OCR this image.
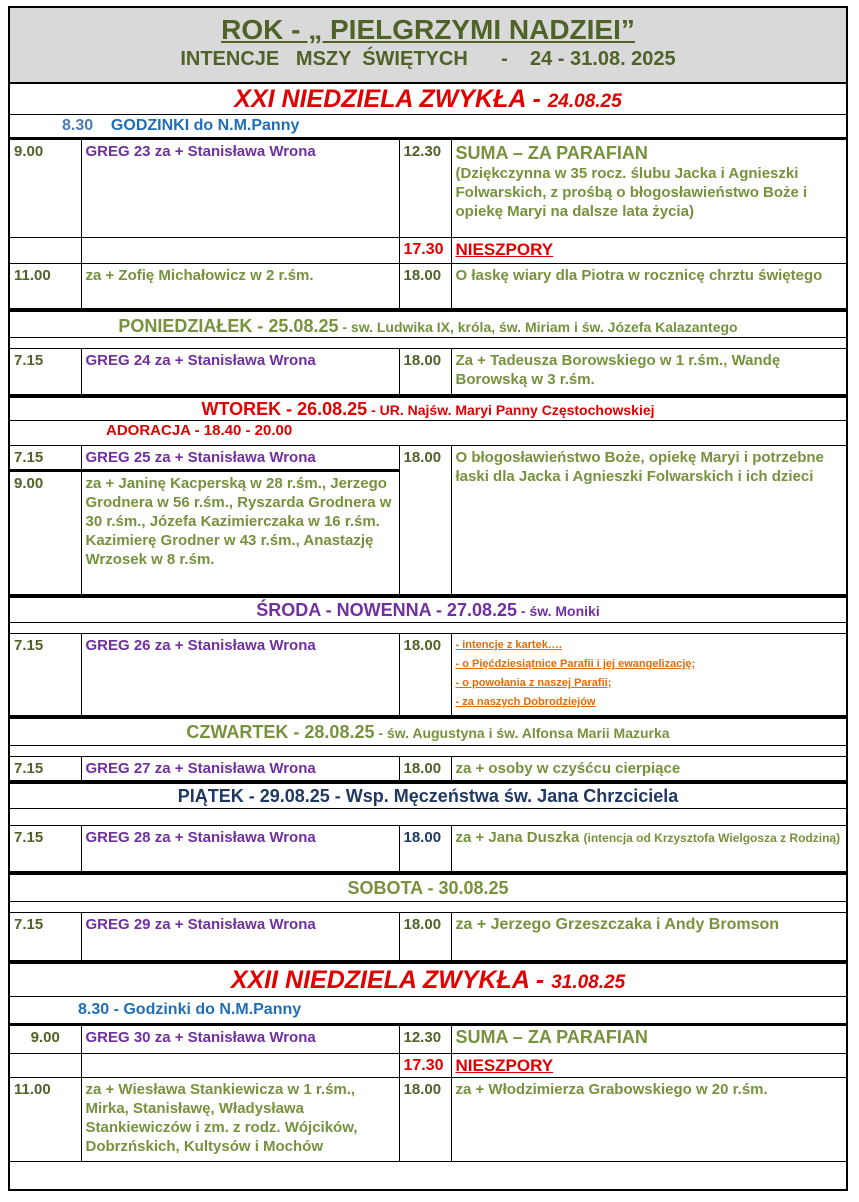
ROK - „ PIELGRZYMI NADZIEI”
INTENCJE   MSZY  ŚWIĘTYCH      -    24 - 31.08. 2025
XXI NIEDZIELA ZWYKŁA - 24.08.25
8.30 GODZINKI do N.M.Panny
9.00	GREG 23 za + Stanisława Wrona	12.30	SUMA – ZA PARAFIAN
(Dziękczynna w 35 rocz. ślubu Jacka i Agnieszki Folwarskich, z prośbą o błogosławieństwo Boże i opiekę Maryi na dalsze lata życia)

		17.30	NIESZPORY
11.00	za + Zofię Michałowicz w 2 r.śm.	18.00	O łaskę wiary dla Piotra w rocznicę chrztu świętego
PONIEDZIAŁEK - 25.08.25 - sw. Ludwika IX, króla, św. Miriam i św. Józefa Kalazantego
7.15	GREG 24 za + Stanisława Wrona	18.00	Za + Tadeusza Borowskiego w 1 r.śm., Wandę Borowską w 3 r.śm.
WTOREK - 26.08.25 - UR. Najśw. Maryi Panny Częstochowskiej
ADORACJA - 18.40 - 20.00
7.15	GREG 25 za + Stanisława Wrona	18.00	O błogosławieństwo Boże, opiekę Maryi i potrzebne łaski dla Jacka i Agnieszki Folwarskich i ich dzieci
9.00	za + Janinę Kacperską w 28 r.śm., Jerzego Grodnera w 56 r.śm., Ryszarda Grodnera w 30 r.śm., Józefa Kazimierczaka w 16 r.śm. Kazimierę Grodner w 43 r.śm., Anastazję Wrzosek w 8 r.śm.		
ŚRODA - NOWENNA - 27.08.25 - św. Moniki
7.15	GREG 26 za + Stanisława Wrona	18.00	- intencje z kartek….
- o Pięćdziesiątnice Parafii i jej ewangelizację;
- o powołania z naszej Parafii;
- za naszych Dobrodziejów
CZWARTEK - 28.08.25 - św. Augustyna i św. Alfonsa Marii Mazurka
7.15	GREG 27 za + Stanisława Wrona	18.00	za + osoby w czyśćcu cierpiące
PIĄTEK - 29.08.25 - Wsp. Męczeństwa św. Jana Chrzciciela
7.15	GREG 28 za + Stanisława Wrona	18.00	za + Jana Duszka (intencja od Krzysztofa Wielgosza z Rodziną)
SOBOTA - 30.08.25
7.15	GREG 29 za + Stanisława Wrona	18.00	za + Jerzego Grzeszczaka i Andy Bromson
XXII NIEDZIELA ZWYKŁA - 31.08.25
8.30 - Godzinki do N.M.Panny
9.00	GREG 30 za + Stanisława Wrona	12.30	SUMA – ZA PARAFIAN
		17.30	NIESZPORY
11.00	za + Wiesława Stankiewicza w 1 r.śm., Mirka, Stanisławę, Władysława Stankiewiczów i zm. z rodz. Wójcików, Dobrzńskich, Kultysów i Mochów	18.00	za + Włodzimierza Grabowskiego w 20 r.śm.
